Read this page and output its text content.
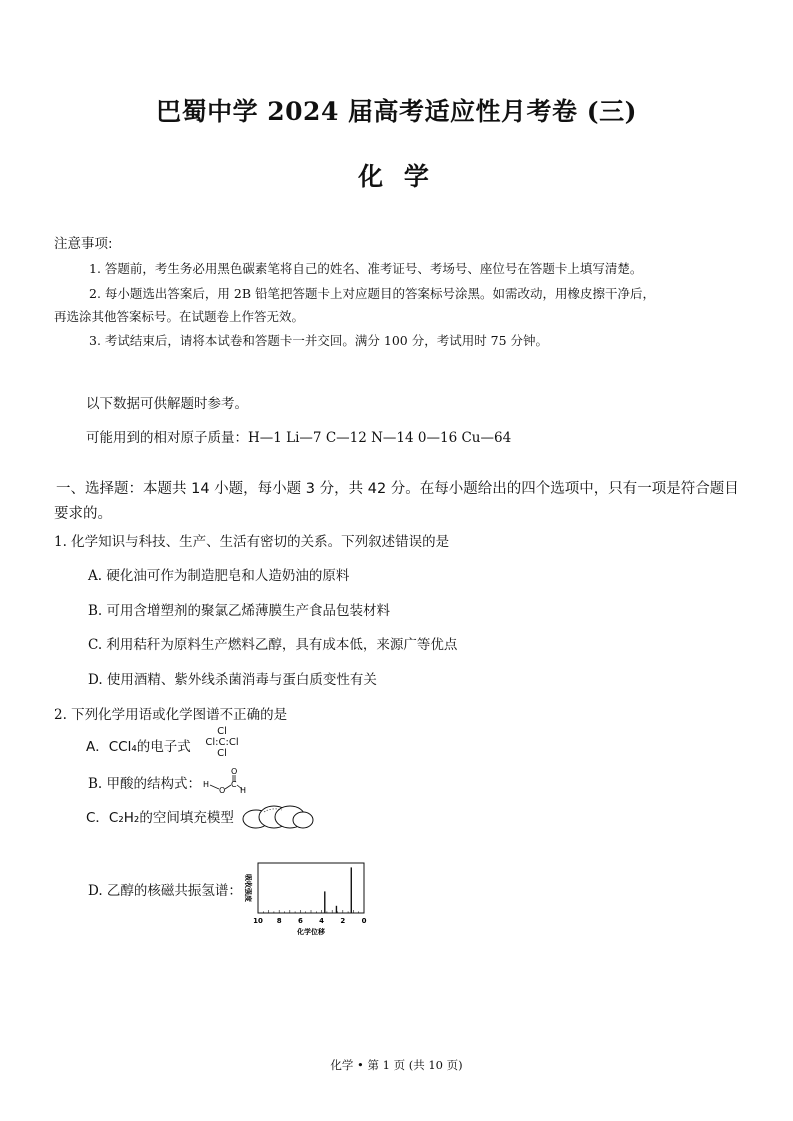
巴蜀中学 2024 届高考适应性月考卷 (三)
化 学
注意事项:
1. 答题前，考生务必用黑色碳素笔将自己的姓名、准考证号、考场号、座位号在答题卡上填写清楚。
2. 每小题选出答案后，用 2B 铅笔把答题卡上对应题目的答案标号涂黑。如需改动，用橡皮擦干净后，
再选涂其他答案标号。在试题卷上作答无效。
3. 考试结束后，请将本试卷和答题卡一并交回。满分 100 分，考试用时 75 分钟。
以下数据可供解题时参考。
可能用到的相对原子质量：H—1 Li—7 C—12 N—14 0—16 Cu—64
一、选择题：本题共 14 小题，每小题 3 分，共 42 分。在每小题给出的四个选项中，只有一项是符合题目
要求的。
1. 化学知识与科技、生产、生活有密切的关系。下列叙述错误的是
A. 硬化油可作为制造肥皂和人造奶油的原料
B. 可用含增塑剂的聚氯乙烯薄膜生产食品包装材料
C. 利用秸秆为原料生产燃料乙醇，具有成本低，来源广等优点
D. 使用酒精、紫外线杀菌消毒与蛋白质变性有关
2. 下列化学用语或化学图谱不正确的是
A．CCl₄的电子式
Cl
Cl:C:Cl
Cl
B. 甲酸的结构式：
O
H
O
C
H
C．C₂H₂的空间填充模型
D. 乙醇的核磁共振氢谱： 吸收强度
化学位移
10 8 6 4 2 0
化学 • 第 1 页 (共 10 页)
